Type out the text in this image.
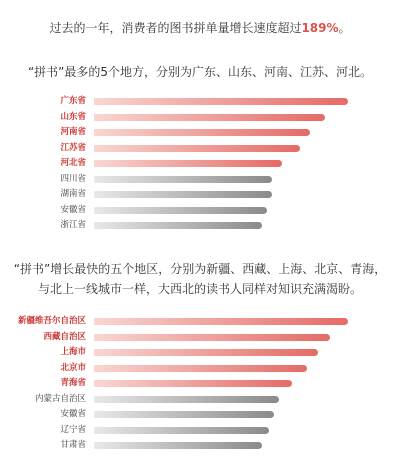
过去的一年，消费者的图书拼单量增长速度超过189%。
“拼书”最多的5个地方，分别为广东、山东、河南、江苏、河北。
广东省
山东省
河南省
江苏省
河北省
四川省
湖南省
安徽省
浙江省
“拼书”增长最快的五个地区，分别为新疆、西藏、上海、北京、青海，
与北上一线城市一样，大西北的读书人同样对知识充满渴盼。
新疆维吾尔自治区
西藏自治区
上海市
北京市
青海省
内蒙古自治区
安徽省
辽宁省
甘肃省
